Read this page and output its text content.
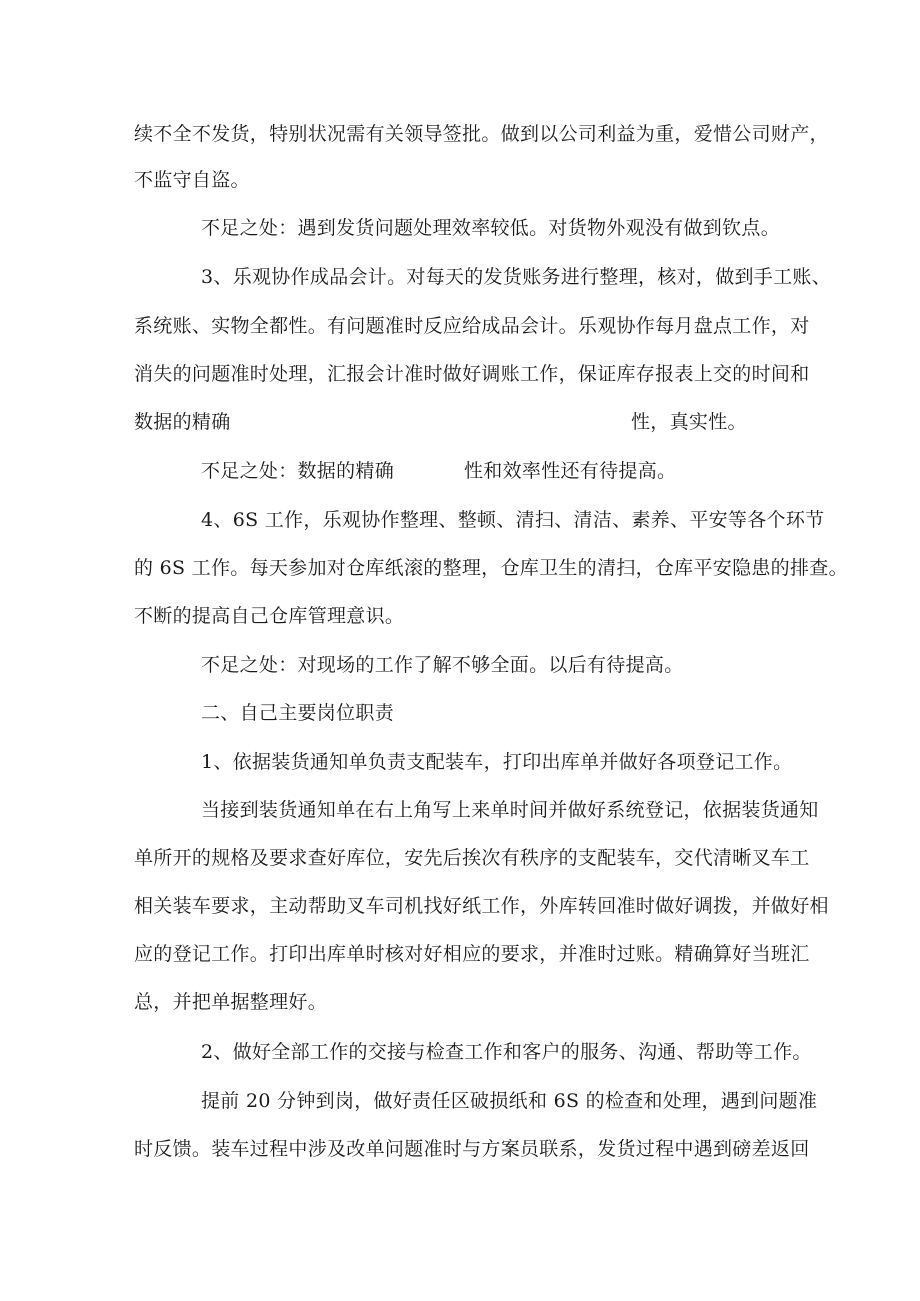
续不全不发货，特别状况需有关领导签批。做到以公司利益为重，爱惜公司财产，
不监守自盗。
不足之处：遇到发货问题处理效率较低。对货物外观没有做到钦点。
3、乐观协作成品会计。对每天的发货账务进行整理，核对，做到手工账、
系统账、实物全都性。有问题准时反应给成品会计。乐观协作每月盘点工作，对
消失的问题准时处理，汇报会计准时做好调账工作，保证库存报表上交的时间和
数据的精确	性，真实性。
不足之处：数据的精确	性和效率性还有待提高。
4、6S 工作，乐观协作整理、整顿、清扫、清洁、素养、平安等各个环节
的 6S 工作。每天参加对仓库纸滚的整理，仓库卫生的清扫，仓库平安隐患的排查。
不断的提高自己仓库管理意识。
不足之处：对现场的工作了解不够全面。以后有待提高。
二、自己主要岗位职责
1、依据装货通知单负责支配装车，打印出库单并做好各项登记工作。
当接到装货通知单在右上角写上来单时间并做好系统登记，依据装货通知
单所开的规格及要求查好库位，安先后挨次有秩序的支配装车，交代清晰叉车工
相关装车要求，主动帮助叉车司机找好纸工作，外库转回准时做好调拨，并做好相
应的登记工作。打印出库单时核对好相应的要求，并准时过账。精确算好当班汇
总，并把单据整理好。
2、做好全部工作的交接与检查工作和客户的服务、沟通、帮助等工作。
提前 20 分钟到岗，做好责任区破损纸和 6S 的检查和处理，遇到问题准
时反馈。装车过程中涉及改单问题准时与方案员联系，发货过程中遇到磅差返回
